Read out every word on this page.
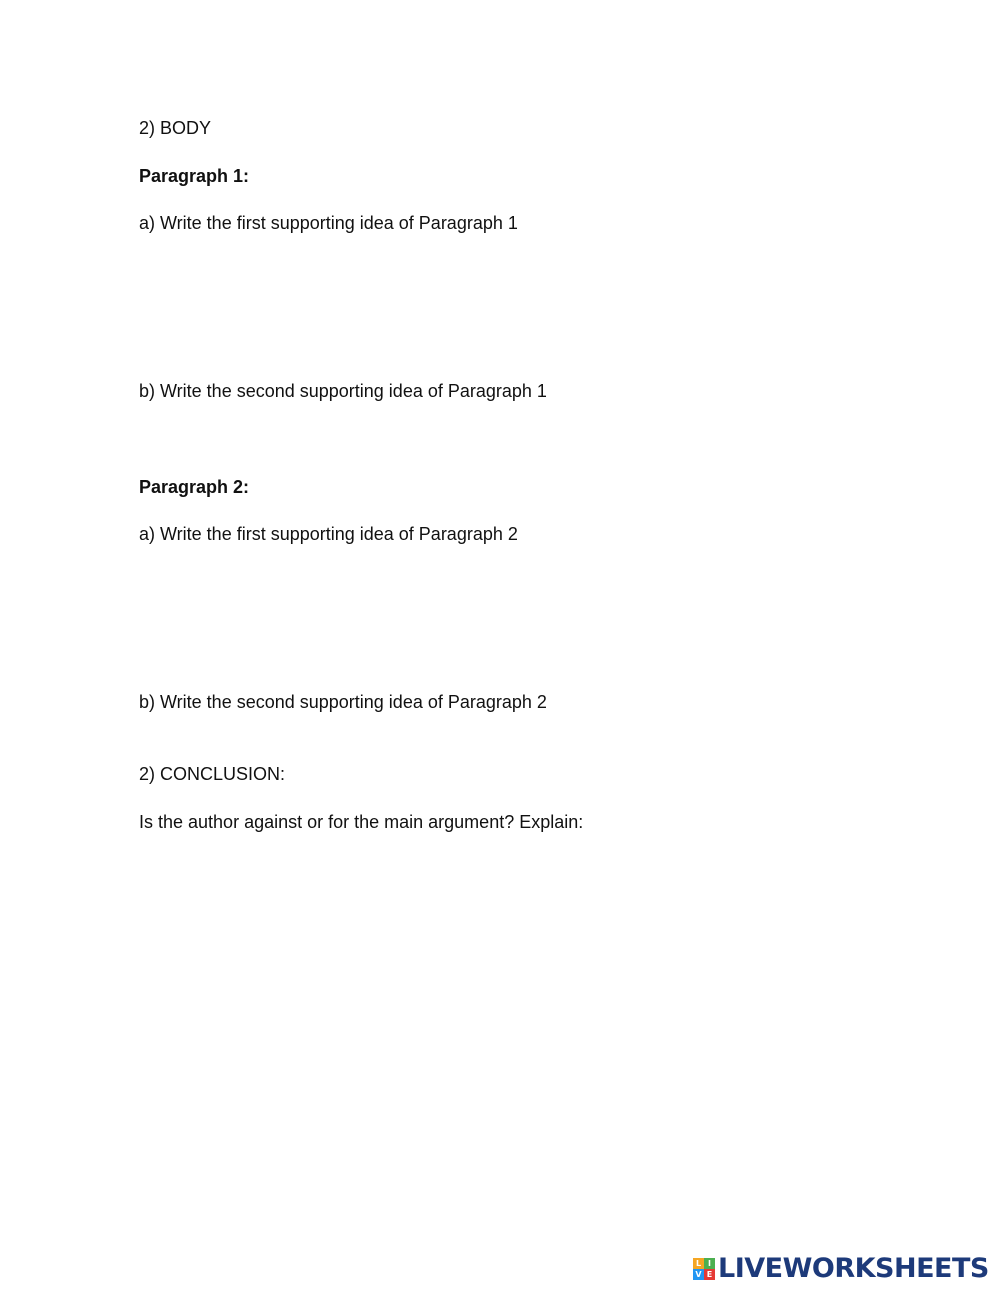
2) BODY
Paragraph 1:
a) Write the first supporting idea of Paragraph 1
b) Write the second supporting idea of Paragraph 1
Paragraph 2:
a) Write the first supporting idea of Paragraph 2
b) Write the second supporting idea of Paragraph 2
2) CONCLUSION:
Is the author against or for the main argument? Explain:
L I
V E LIVEWORKSHEETS
